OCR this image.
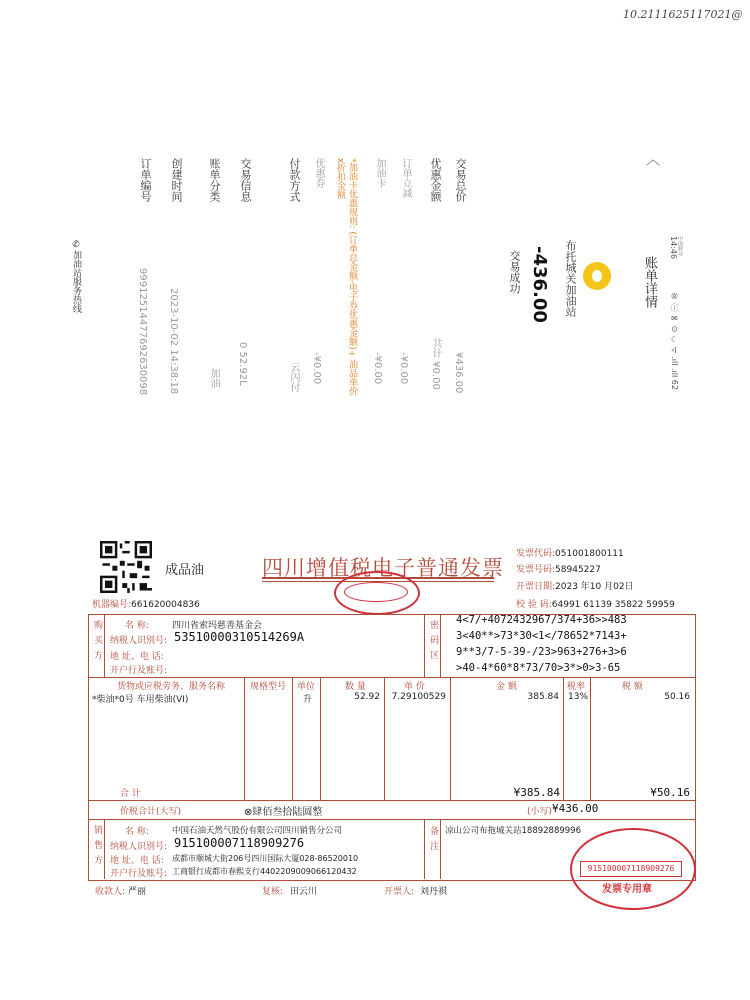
10.2111625117021@
14:46 中国移动
® ⓘ ✉ ⊙ ☾ ᯤ .ıll .ıll 62
〈
账单详情
布托城关加油站
-436.00
交易成功
交易总价
¥436.00
优惠金额
共计 ¥0.00
订单立减
-¥0.00
加油卡
-¥0.00
*加油卡优惠规则: (订单总金额-电子券优惠金额)÷油品单价
x折扣金额
优惠券
-¥0.00
付款方式
云闪付
交易信息
0 52.92L
账单分类
加油
创建时间
2023-10-02 14:38:18
订单编号
99912514477692630098
✆加油站服务热线
成品油	四川增值税电子普通发票
发票代码:051001800111
发票号码:58945227
开票日期:2023 年10 月02日
校 验 码:64991 61139 35822 59959
机器编号:661620004836
购买方	名 称:	四川省索玛慈善基金会
纳税人识别号: 53510000310514269A
地 址、电 话:
开户行及账号:
密码区 4<7/+4072432967/374+36>>483
3<40**>73*30<1</78652*7143+
9**3/7-5-39-/23>963+276+3>6
>40-4*60*8*73/70>3*>0>3-65
货物或应税劳务、服务名称	规格型号 单位	数 量	单 价	金 额	税率	税 额
*柴油*0号 车用柴油(VI)	升	52.92 7.29100529	385.84 13%	50.16
合 计	¥385.84	¥50.16
价税合计(大写)	⊗肆佰叁拾陆圆整	(小写) ¥436.00
销售方	名 称:	中国石油天然气股份有限公司四川销售分公司
纳税人识别号: 915100007118909276
地 址、电 话: 成都市顺城大街206号四川国际大厦028-86520010
开户行及账号: 工商银行成都市春熙支行4402209009066120432
备注 凉山公司布拖城关站18892889996
915100007118909276
发票专用章
收款人: 严丽	复核: 田云川	开票人: 刘丹祺
